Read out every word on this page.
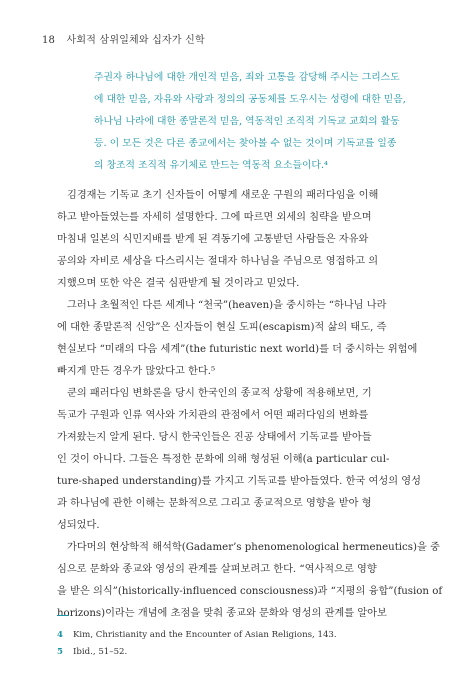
18 사회적 삼위일체와 십자가 신학

주권자 하나님에 대한 개인적 믿음, 죄와 고통을 감당해 주시는 그리스도

에 대한 믿음, 자유와 사랑과 정의의 공동체를 도우시는 성령에 대한 믿음,

하나님 나라에 대한 종말론적 믿음, 역동적인 조직적 기독교 교회의 활동

등. 이 모든 것은 다른 종교에서는 찾아볼 수 없는 것이며 기독교를 일종

의 창조적 조직적 유기체로 만드는 역동적 요소들이다.⁴

김경재는 기독교 초기 신자들이 어떻게 새로운 구원의 패러다임을 이해

하고 받아들였는를 자세히 설명한다. 그에 따르면 외세의 침략을 받으며

마침내 일본의 식민지배를 받게 된 격동기에 고통받던 사람들은 자유와

공의와 자비로 세상을 다스리시는 절대자 하나님을 주님으로 영접하고 의

지했으며 또한 악은 결국 심판받게 될 것이라고 믿었다.

그러나 초월적인 다른 세계나 “천국”(heaven)을 중시하는 “하나님 나라

에 대한 종말론적 신앙”은 신자들이 현실 도피(escapism)적 삶의 태도, 즉

현실보다 “미래의 다음 세계”(the futuristic next world)를 더 중시하는 위험에

빠지게 만든 경우가 많았다고 한다.⁵

쿤의 패러다임 변화론을 당시 한국인의 종교적 상황에 적용해보면, 기

독교가 구원과 인류 역사와 가치관의 관점에서 어떤 패러다임의 변화를

가져왔는지 알게 된다. 당시 한국인들은 진공 상태에서 기독교를 받아들

인 것이 아니다. 그들은 특정한 문화에 의해 형성된 이해(a particular cul-

ture-shaped understanding)를 가지고 기독교를 받아들였다. 한국 여성의 영성

과 하나님에 관한 이해는 문화적으로 그리고 종교적으로 영향을 받아 형

성되었다.

가다머의 현상학적 해석학(Gadamer’s phenomenological hermeneutics)을 중

심으로 문화와 종교와 영성의 관계를 살펴보려고 한다. “역사적으로 영향

을 받은 의식”(historically-influenced consciousness)과 “지평의 융합”(fusion of

horizons)이라는 개념에 초점을 맞춰 종교와 문화와 영성의 관계를 알아보

4 Kim, Christianity and the Encounter of Asian Religions, 143.
5 Ibid., 51–52.
